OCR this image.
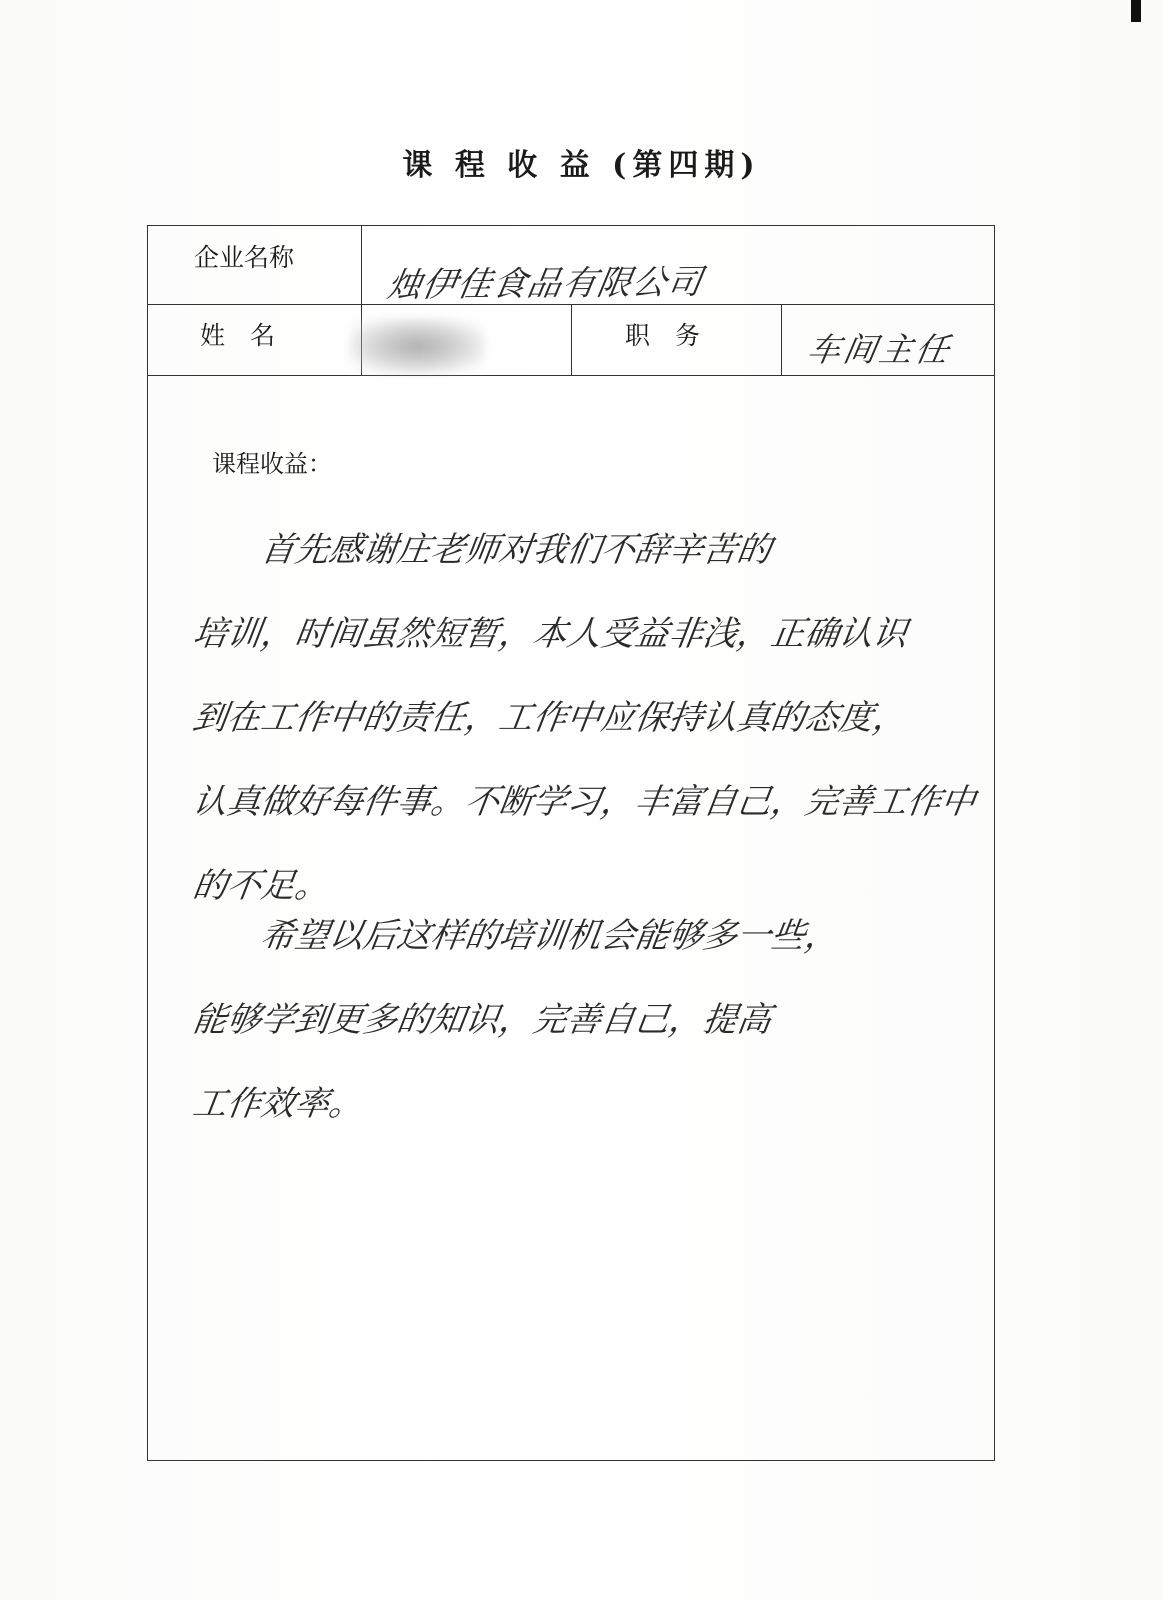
课 程 收 益 (第四期)
企业名称
烛伊佳食品有限公司
姓　名	职　务	车间主任
课程收益：
　　首先感谢庄老师对我们不辞辛苦的
培训，时间虽然短暂，本人受益非浅，正确认识
到在工作中的责任，工作中应保持认真的态度，
认真做好每件事。不断学习，丰富自己，完善工作中
的不足。
　　希望以后这样的培训机会能够多一些，
能够学到更多的知识，完善自己，提高
工作效率。
